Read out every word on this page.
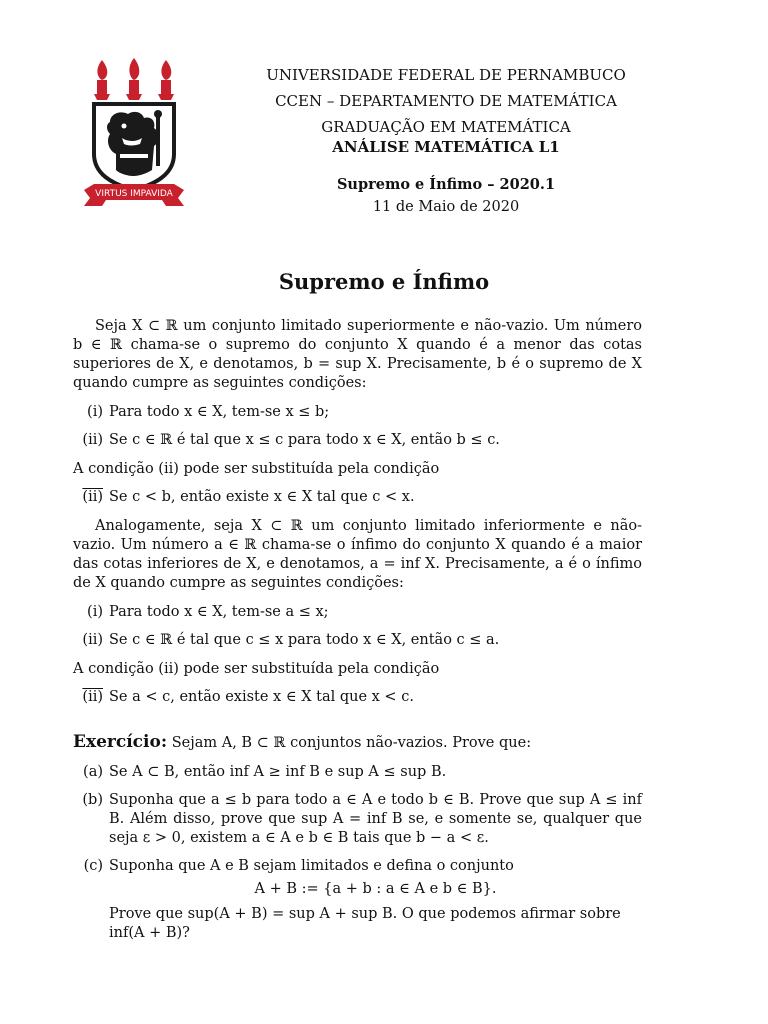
VIRTUS IMPAVIDA
UNIVERSIDADE FEDERAL DE PERNAMBUCO
CCEN – DEPARTAMENTO DE MATEMÁTICA
GRADUAÇÃO EM MATEMÁTICA
ANÁLISE MATEMÁTICA L1
Supremo e Ínfimo – 2020.1
11 de Maio de 2020
Supremo e Ínfimo

Seja X ⊂ ℝ um conjunto limitado superiormente e não-vazio. Um número b ∈ ℝ chama-se o supremo do conjunto X quando é a menor das cotas superiores de X, e denotamos, b = sup X. Precisamente, b é o supremo de X quando cumpre as seguintes condições:

(i) Para todo x ∈ X, tem-se x ≤ b;
(ii) Se c ∈ ℝ é tal que x ≤ c para todo x ∈ X, então b ≤ c.

A condição (ii) pode ser substituída pela condição

(ii) Se c < b, então existe x ∈ X tal que c < x.

Analogamente, seja X ⊂ ℝ um conjunto limitado inferiormente e não-vazio. Um número a ∈ ℝ chama-se o ínfimo do conjunto X quando é a maior das cotas inferiores de X, e denotamos, a = inf X. Precisamente, a é o ínfimo de X quando cumpre as seguintes condições:

(i) Para todo x ∈ X, tem-se a ≤ x;
(ii) Se c ∈ ℝ é tal que c ≤ x para todo x ∈ X, então c ≤ a.

A condição (ii) pode ser substituída pela condição

(ii) Se a < c, então existe x ∈ X tal que x < c.

Exercício: Sejam A, B ⊂ ℝ conjuntos não-vazios. Prove que:

(a) Se A ⊂ B, então inf A ≥ inf B e sup A ≤ sup B.
(b) Suponha que a ≤ b para todo a ∈ A e todo b ∈ B. Prove que sup A ≤ inf B. Além disso, prove que sup A = inf B se, e somente se, qualquer que seja ε > 0, existem a ∈ A e b ∈ B tais que b − a < ε.

(c) Suponha que A e B sejam limitados e defina o conjunto
A + B := {a + b : a ∈ A e b ∈ B}.
Prove que sup(A + B) = sup A + sup B. O que podemos afirmar sobre inf(A + B)?
